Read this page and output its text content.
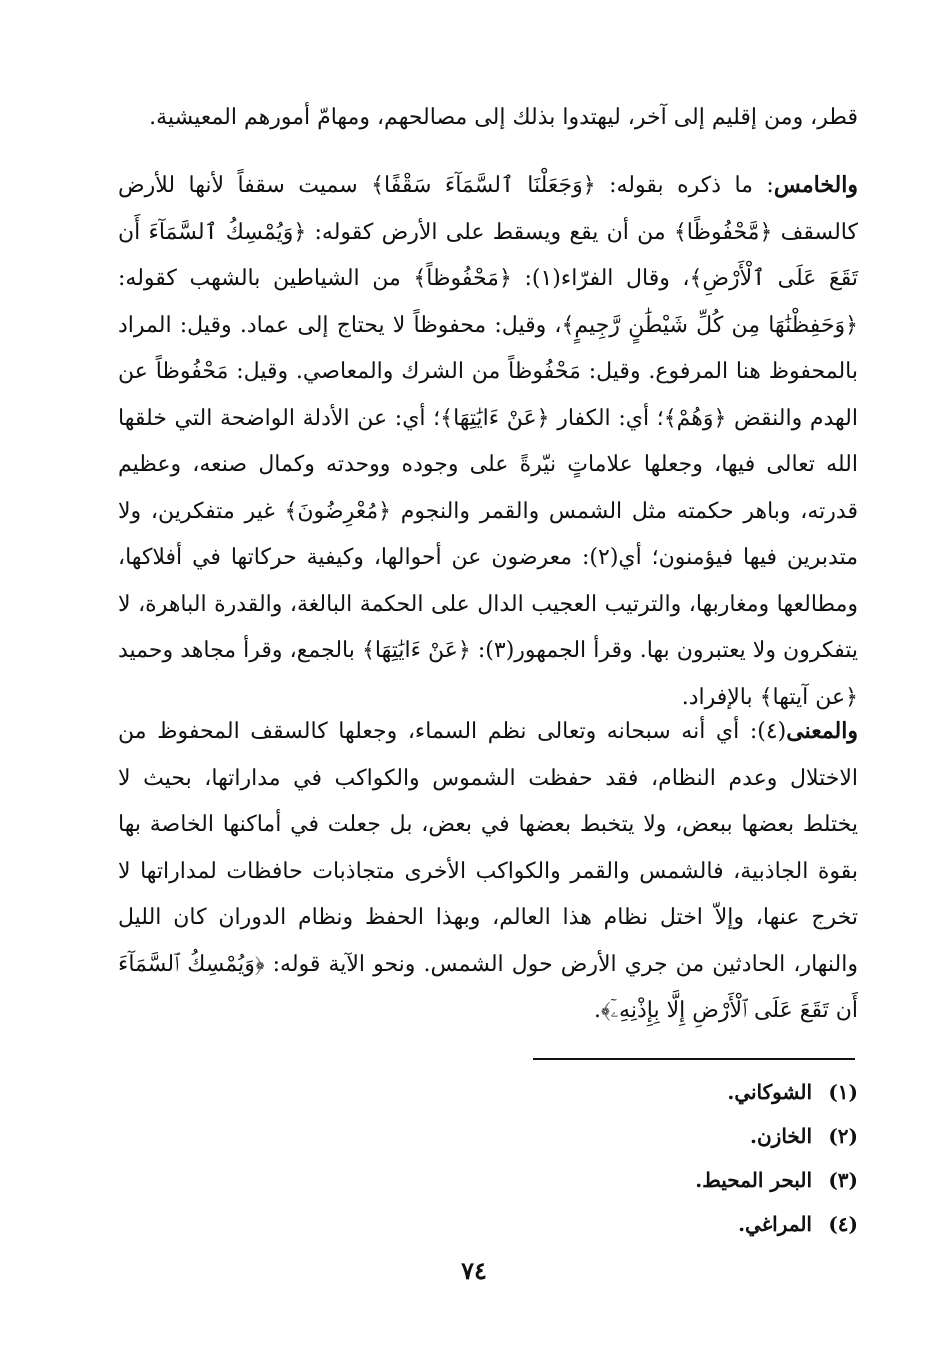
قطر، ومن إقليم إلى آخر، ليهتدوا بذلك إلى مصالحهم، ومهامّ أمورهم المعيشية.
والخامس: ما ذكره بقوله: ﴿وَجَعَلْنَا ٱلسَّمَآءَ سَقْفًا﴾ سميت سقفاً لأنها للأرض كالسقف ﴿مَّحْفُوظًا﴾ من أن يقع ويسقط على الأرض كقوله: ﴿وَيُمْسِكُ ٱلسَّمَآءَ أَن تَقَعَ عَلَى ٱلْأَرْضِ﴾، وقال الفرّاء(١): ﴿مَحْفُوظاً﴾ من الشياطين بالشهب كقوله: ﴿وَحَفِظْنَٰهَا مِن كُلِّ شَيْطَٰنٍ رَّجِيمٍ﴾، وقيل: محفوظاً لا يحتاج إلى عماد. وقيل: المراد بالمحفوظ هنا المرفوع. وقيل: مَحْفُوظاً من الشرك والمعاصي. وقيل: مَحْفُوظاً عن الهدم والنقض ﴿وَهُمْ﴾؛ أي: الكفار ﴿عَنْ ءَايَٰتِهَا﴾؛ أي: عن الأدلة الواضحة التي خلقها الله تعالى فيها، وجعلها علاماتٍ نيّرةً على وجوده ووحدته وكمال صنعه، وعظيم قدرته، وباهر حكمته مثل الشمس والقمر والنجوم ﴿مُعْرِضُونَ﴾ غير متفكرين، ولا متدبرين فيها فيؤمنون؛ أي(٢): معرضون عن أحوالها، وكيفية حركاتها في أفلاكها، ومطالعها ومغاربها، والترتيب العجيب الدال على الحكمة البالغة، والقدرة الباهرة، لا يتفكرون ولا يعتبرون بها. وقرأ الجمهور(٣): ﴿عَنْ ءَايَٰتِهَا﴾ بالجمع، وقرأ مجاهد وحميد ﴿عن آيتها﴾ بالإفراد.
والمعنى(٤): أي أنه سبحانه وتعالى نظم السماء، وجعلها كالسقف المحفوظ من الاختلال وعدم النظام، فقد حفظت الشموس والكواكب في مداراتها، بحيث لا يختلط بعضها ببعض، ولا يتخبط بعضها في بعض، بل جعلت في أماكنها الخاصة بها بقوة الجاذبية، فالشمس والقمر والكواكب الأخرى متجاذبات حافظات لمداراتها لا تخرج عنها، وإلاّ اختل نظام هذا العالم، وبهذا الحفظ ونظام الدوران كان الليل والنهار، الحادثين من جري الأرض حول الشمس. ونحو الآية قوله: ﴿وَيُمْسِكُ ٱلسَّمَآءَ أَن تَقَعَ عَلَى ٱلْأَرْضِ إِلَّا بِإِذْنِهِۦٓ﴾.
(١)الشوكاني.
(٢)الخازن.
(٣)البحر المحيط.
(٤)المراغي.
٧٤
